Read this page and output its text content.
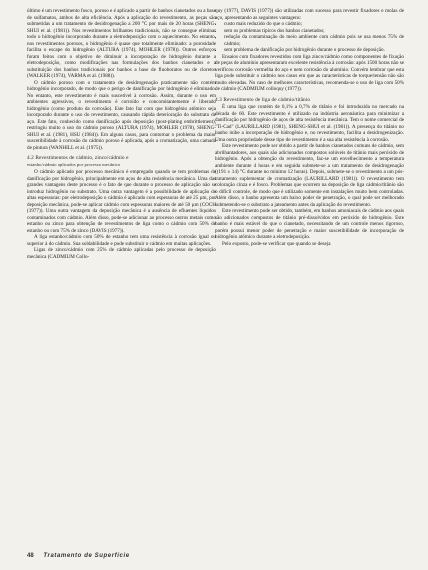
último é um revestimento fosco, poroso e é aplicado a partir de banhos cianetados ou a base de sulfamatos, ambos de alta eficiência. Após a aplicação do revestimento, as peças são submetidas a um tratamento de desidrogenação a 200 °C por mais de 20 horas (SHENG-SHUI et al. (1981)). Nos revestimentos brilhantes tradicionais, não se consegue eliminar todo o hidrogênio incorporado durante a eletrodeposição com o aquecimento. No entanto, nos revestimentos porosos, o hidrogênio é quase que totalmente eliminado: a porosidade facilita o escape do hidrogênio (ALTURA (1974), MOHLER (1978)). Outros esforços foram feitos com o objetivo de diminuir a incorporação de hidrogênio durante a eletrodeposição, como modificações nas formulações dos banhos cianetados e a substituição dos banhos tradicionais por banhos a base de fluoboratos ou de cloretos (WALKER (1974), VARMA et al. (1988)).

O cádmio poroso com o tratamento de desidrogenação praticamente não contém hidrogênio incorporado, de modo que o perigo de danificação por hidrogênio é eliminado. No entanto, este revestimento é mais suscetível à corrosão. Assim, durante o uso em ambientes agressivos, o revestimento é corroído e concomitantemente é liberado hidrogênio (como produto da corrosão). Este fato faz com que hidrogênio atômico seja incorporado durante o uso do revestimento, causando rápida deterioração do substrato de aço. Este fato, conhecido como danificação após deposição (post-plating embrittlement), restringiu muito o uso do cádmio poroso (ALTURA (1974), MOHLER (1978), SHENG-SHUI et al. (1981), HSU (1984)). Em alguns casos, para contornar o problema da maior suscetibilidade à corrosão do cádmio poroso é aplicada, após a cromatização, uma camada de pintura (WANHILL et al. (1975)).

4.2 Revestimentos de cádmio, zinco/cádmio e
estanho/cádmio aplicados por processo mecânico

O cádmio aplicado por processo mecânico é empregado quando se tem problemas de danificação por hidrogênio, principalmente em aços de alta resistência mecânica. Uma das grandes vantagens deste processo é o fato de que durante o processo de aplicação não se introduz hidrogênio no substrato. Uma outra vantagem é a possibilidade de aplicação de altas espessuras: por eletrodeposição o cádmio é aplicado com espessuras de até 25 µm, por deposição mecânica, pode-se aplicar cádmio com espessuras maiores de até 50 µm (COCH (1977)). Uma outra vantagem da deposição mecânica é a ausência de efluentes líquidos contaminados com cádmio. Além disso, pode-se adicionar ao processo outros metais como estanho ou zinco para obtenção de revestimentos de liga como o cádmio com 50% de estanho ou com 75% de zinco (DAVIS (1977)).

A liga estanho/cádmio com 50% de estanho tem uma resistência à corrosão igual ou superior à do cádmio. Sua soldabilidade e pode substituir o cádmio em muitas aplicações.

Ligas de zinco/cádmio com 25% de cádmio aplicadas pelo processo de deposição mecânica (CADMIUM Collo-

quy (1977), DAVIS (1977)) são utilizadas com sucesso para revestir fixadores e molas de aço, apresentando as seguintes vantagens:

• custo mais reduzido do que o cádmio;
• sem os problemas típicos dos banhos cianetados;
• redução da contaminação do meio ambiente com cádmio pois se usa menos 75% de cádmio;
• sem problema de danificação por hidrogênio durante o processo de deposição.

Ensaios com fixadores revestidos com liga zinco/cádmio como componentes de fixação de peças de alumínio apresentaram excelente resistência à corrosão: após 1500 horas não se verificou corrosão vermelha do aço e nem corrosão do alumínio. Convém lembrar que esta liga pode substituir o cádmio nos casos em que as características de torque/tensão não são muito elevadas. No caso de melhores características, recomenda-se o uso de liga com 50% de cádmio (CADMIUM colloquy (1977)).

4.3 Revestimento de liga de cádmio/titânio

É uma liga que contém de 0,1% a 0,7% de titânio e foi introduzida no mercado na década de 60. Este revestimento é utilizado na indústria aeronáutica para minimizar a danificação por hidrogênio de aços de alta resistência mecânica. Tem o nome comercial de "Ti-Cad" (LAURILLARD (1981), SHENG-SHUI et al. (1981)). A presença do titânio no banho inibe a incorporação de hidrogênio e, no revestimento, facilita a desidrogenização. Uma outra propriedade desse tipo de revestimento é a sua alta resistência à corrosão.

Este revestimento pode ser obtido a partir de banhos cianetados comuns de cádmio, sem abrilhantadores, aos quais são adicionados compostos solúveis de titânio mais peróxido de hidrogênio. Após a obtenção do revestimento, faz-se um envelhecimento a temperatura ambiente durante 4 horas e em seguida submete-se a um tratamento de desidrogenação ((191 ± 14) °C durante no mínimo 12 horas). Depois, submete-se o revestimento a um pós-tratamento suplementar de cromatização (LAURILLARD (1981)). O revestimento tem coloração cinza e é fosco. Problemas que ocorrem na deposição de liga cádmio/titânio são o difícil controle, de modo que é utilizado somente em instalações muito bem controladas. Além disso, o banho apresenta um baixo poder de penetração, o qual pode ser melhorado submetendo-se o substrato a jateamento antes da aplicação do revestimento.

Este revestimento pode ser obtido, também, em banhos amoniacais de cádmio aos quais são adicionados compostos de titânio pré-dissolvidos em peróxido de hidrogênio. Este banho é mais estável do que o cianetado, necessitando de um controle menos rigoroso, porém possui menor poder de penetração e maior suscetibilidade de incorporação de hidrogênio atômico durante a eletrodeposição.

Pelo exposto, pode-se verificar que quando se deseja

48 Tratamento de Superfície
